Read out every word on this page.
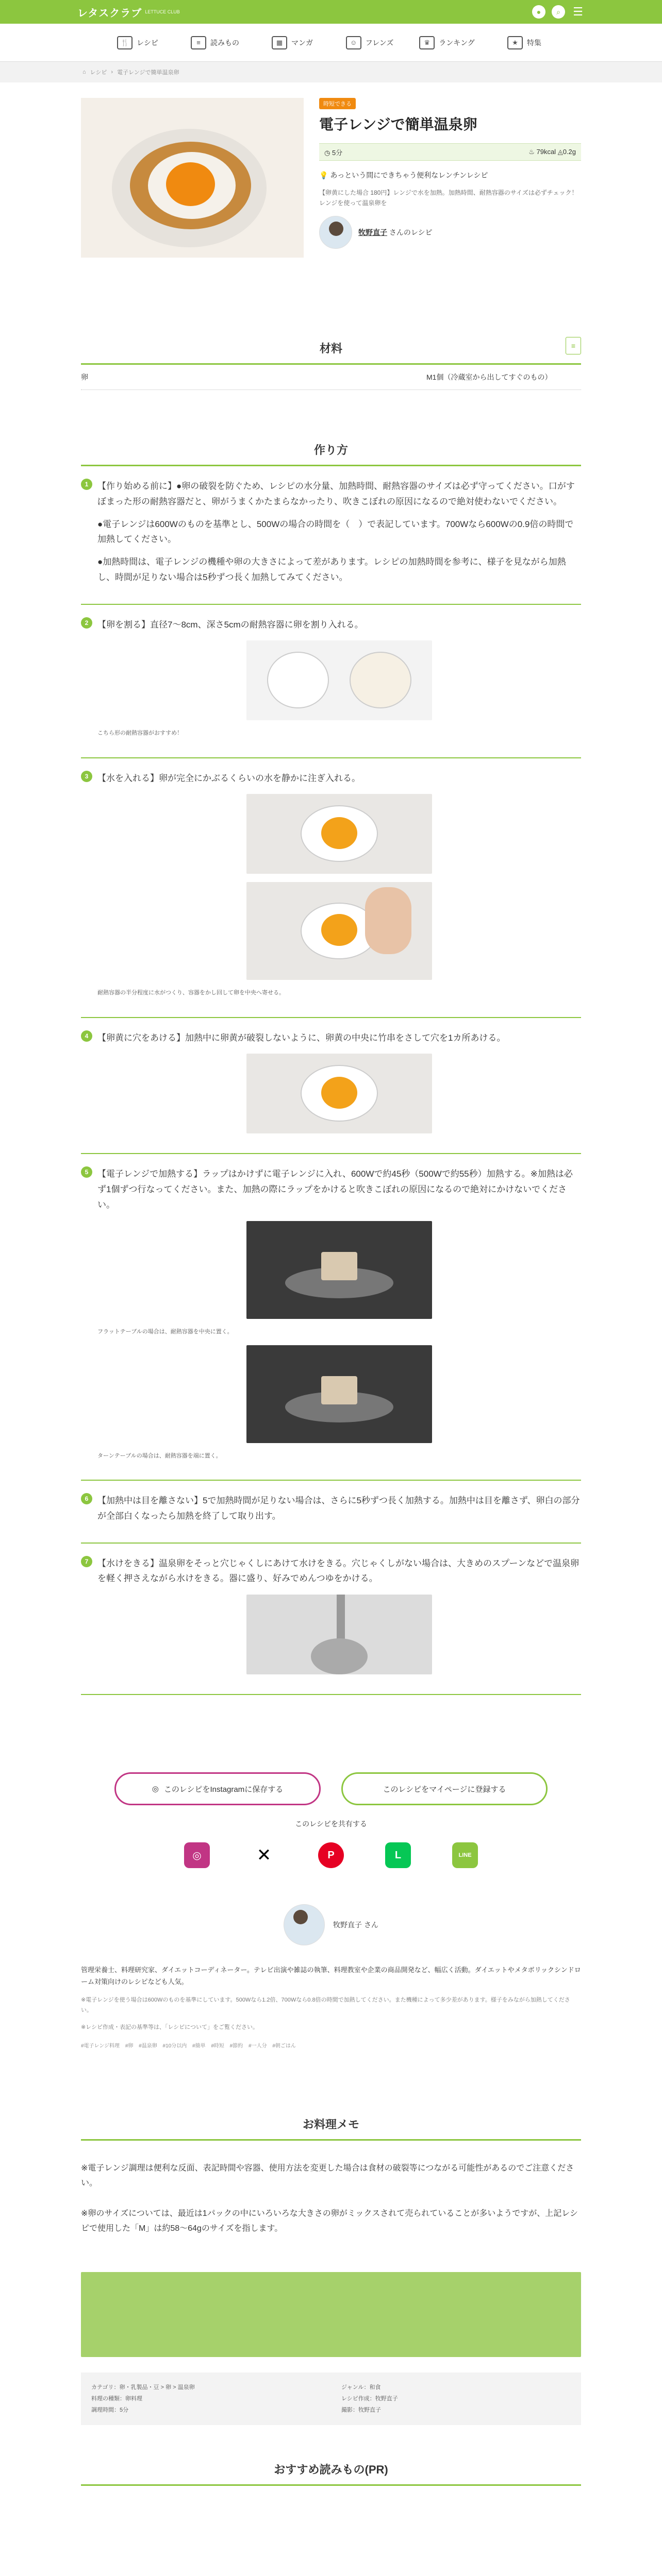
レタスクラブ LETTUCE CLUB	●	⌕	☰
🍴	レシピ	≡	読みもの	▦	マンガ	☺	フレンズ	♛	ランキング	★	特集
⌂ レシピ › 電子レンジで簡単温泉卵
時短できる
電子レンジで簡単温泉卵
◷ 5分	♨ 79kcal ◬0.2g

💡 あっという間にできちゃう便利なレンチンレシピ

【卵黄にした場合 180円】レンジで水を加熱。加熱時間、耐熱容器のサイズは必ずチェック！レンジを使って温泉卵を

牧野直子 さんのレシピ
材料	≡
卵	M1個（冷蔵室から出してすぐのもの）
作り方
1	【作り始める前に】●卵の破裂を防ぐため、レシピの水分量、加熱時間、耐熱容器のサイズは必ず守ってください。口がすぼまった形の耐熱容器だと、卵がうまくかたまらなかったり、吹きこぼれの原因になるので絶対使わないでください。

●電子レンジは600Wのものを基準とし、500Wの場合の時間を（　）で表記しています。700Wなら600Wの0.9倍の時間で加熱してください。

●加熱時間は、電子レンジの機種や卵の大きさによって差があります。レシピの加熱時間を参考に、様子を見ながら加熱し、時間が足りない場合は5秒ずつ長く加熱してみてください。

2	【卵を割る】直径7〜8cm、深さ5cmの耐熱容器に卵を割り入れる。

こちら形の耐熱容器がおすすめ！

3	【水を入れる】卵が完全にかぶるくらいの水を静かに注ぎ入れる。

耐熱容器の半分程度に水がつくり、容器をかし回して卵を中央へ寄せる。

4	【卵黄に穴をあける】加熱中に卵黄が破裂しないように、卵黄の中央に竹串をさして穴を1カ所あける。

5	【電子レンジで加熱する】ラップはかけずに電子レンジに入れ、600Wで約45秒（500Wで約55秒）加熱する。※加熱は必ず1個ずつ行なってください。また、加熱の際にラップをかけると吹きこぼれの原因になるので絶対にかけないでください。

フラットテーブルの場合は、耐熱容器を中央に置く。

ターンテーブルの場合は、耐熱容器を端に置く。

6	【加熱中は目を離さない】5で加熱時間が足りない場合は、さらに5秒ずつ長く加熱する。加熱中は目を離さず、卵白の部分が全部白くなったら加熱を終了して取り出す。

7	【水けをきる】温泉卵をそっと穴じゃくしにあけて水けをきる。穴じゃくしがない場合は、大きめのスプーンなどで温泉卵を軽く押さえながら水けをきる。器に盛り、好みでめんつゆをかける。

◎ このレシピをInstagramに保存する	このレシピをマイページに登録する

このレシピを共有する

◎	✕	P	L	LINE
牧野直子 さん

管理栄養士、料理研究家、ダイエットコーディネーター。テレビ出演や雑誌の執筆、料理教室や企業の商品開発など、幅広く活動。ダイエットやメタボリックシンドローム対策向けのレシピなども人気。

※電子レンジを使う場合は600Wのものを基準にしています。500Wなら1.2倍、700Wなら0.8倍の時間で加熱してください。また機種によって多少差があります。様子をみながら加熱してください。

※レシピ作成・表記の基準等は、「レシピについて」をご覧ください。

#電子レンジ料理 #卵 #温泉卵 #10分以内 #簡単 #時短 #節約 #一人分 #朝ごはん

お料理メモ

※電子レンジ調理は便利な反面、表記時間や容器、使用方法を変更した場合は食材の破裂等につながる可能性があるのでご注意ください。

※卵のサイズについては、最近は1パックの中にいろいろな大きさの卵がミックスされて売られていることが多いようですが、上記レシピで使用した「M」は約58〜64gのサイズを指します。

カテゴリ：卵・乳製品・豆 > 卵 > 温泉卵
料理の種類：卵料理
調理時間：5分
ジャンル：和食
レシピ作成：牧野直子
撮影：牧野直子
おすすめ読みもの(PR)
